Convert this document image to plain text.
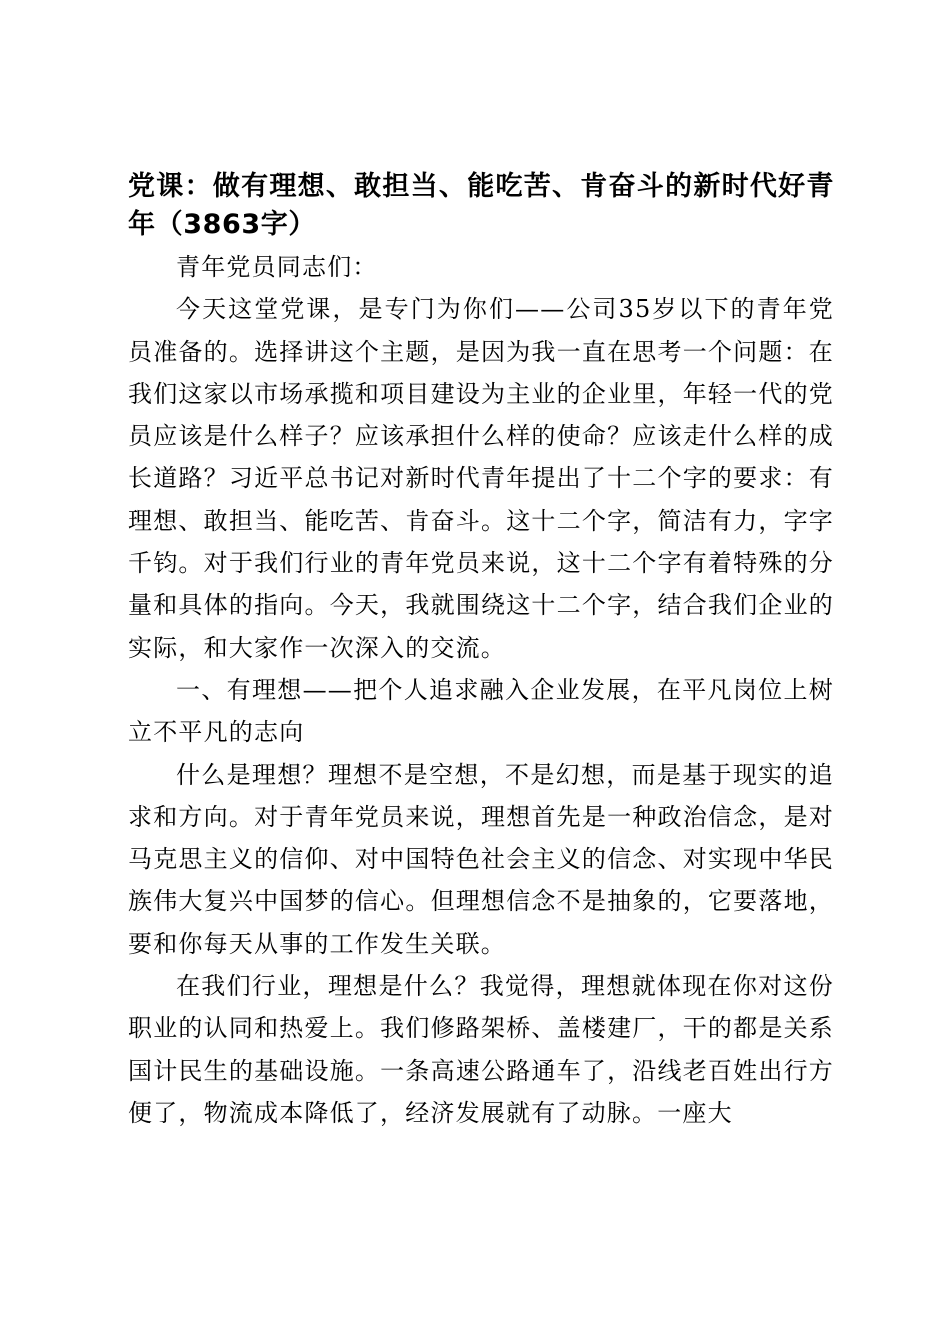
党课：做有理想、敢担当、能吃苦、肯奋斗的新时代好青年（3863字）

青年党员同志们：

今天这堂党课，是专门为你们——公司35岁以下的青年党员准备的。选择讲这个主题，是因为我一直在思考一个问题：在我们这家以市场承揽和项目建设为主业的企业里，年轻一代的党员应该是什么样子？应该承担什么样的使命？应该走什么样的成长道路？习近平总书记对新时代青年提出了十二个字的要求：有理想、敢担当、能吃苦、肯奋斗。这十二个字，简洁有力，字字千钧。对于我们行业的青年党员来说，这十二个字有着特殊的分量和具体的指向。今天，我就围绕这十二个字，结合我们企业的实际，和大家作一次深入的交流。

一、有理想——把个人追求融入企业发展，在平凡岗位上树立不平凡的志向

什么是理想？理想不是空想，不是幻想，而是基于现实的追求和方向。对于青年党员来说，理想首先是一种政治信念，是对马克思主义的信仰、对中国特色社会主义的信念、对实现中华民族伟大复兴中国梦的信心。但理想信念不是抽象的，它要落地，要和你每天从事的工作发生关联。

在我们行业，理想是什么？我觉得，理想就体现在你对这份职业的认同和热爱上。我们修路架桥、盖楼建厂，干的都是关系国计民生的基础设施。一条高速公路通车了，沿线老百姓出行方便了，物流成本降低了，经济发展就有了动脉。一座大
